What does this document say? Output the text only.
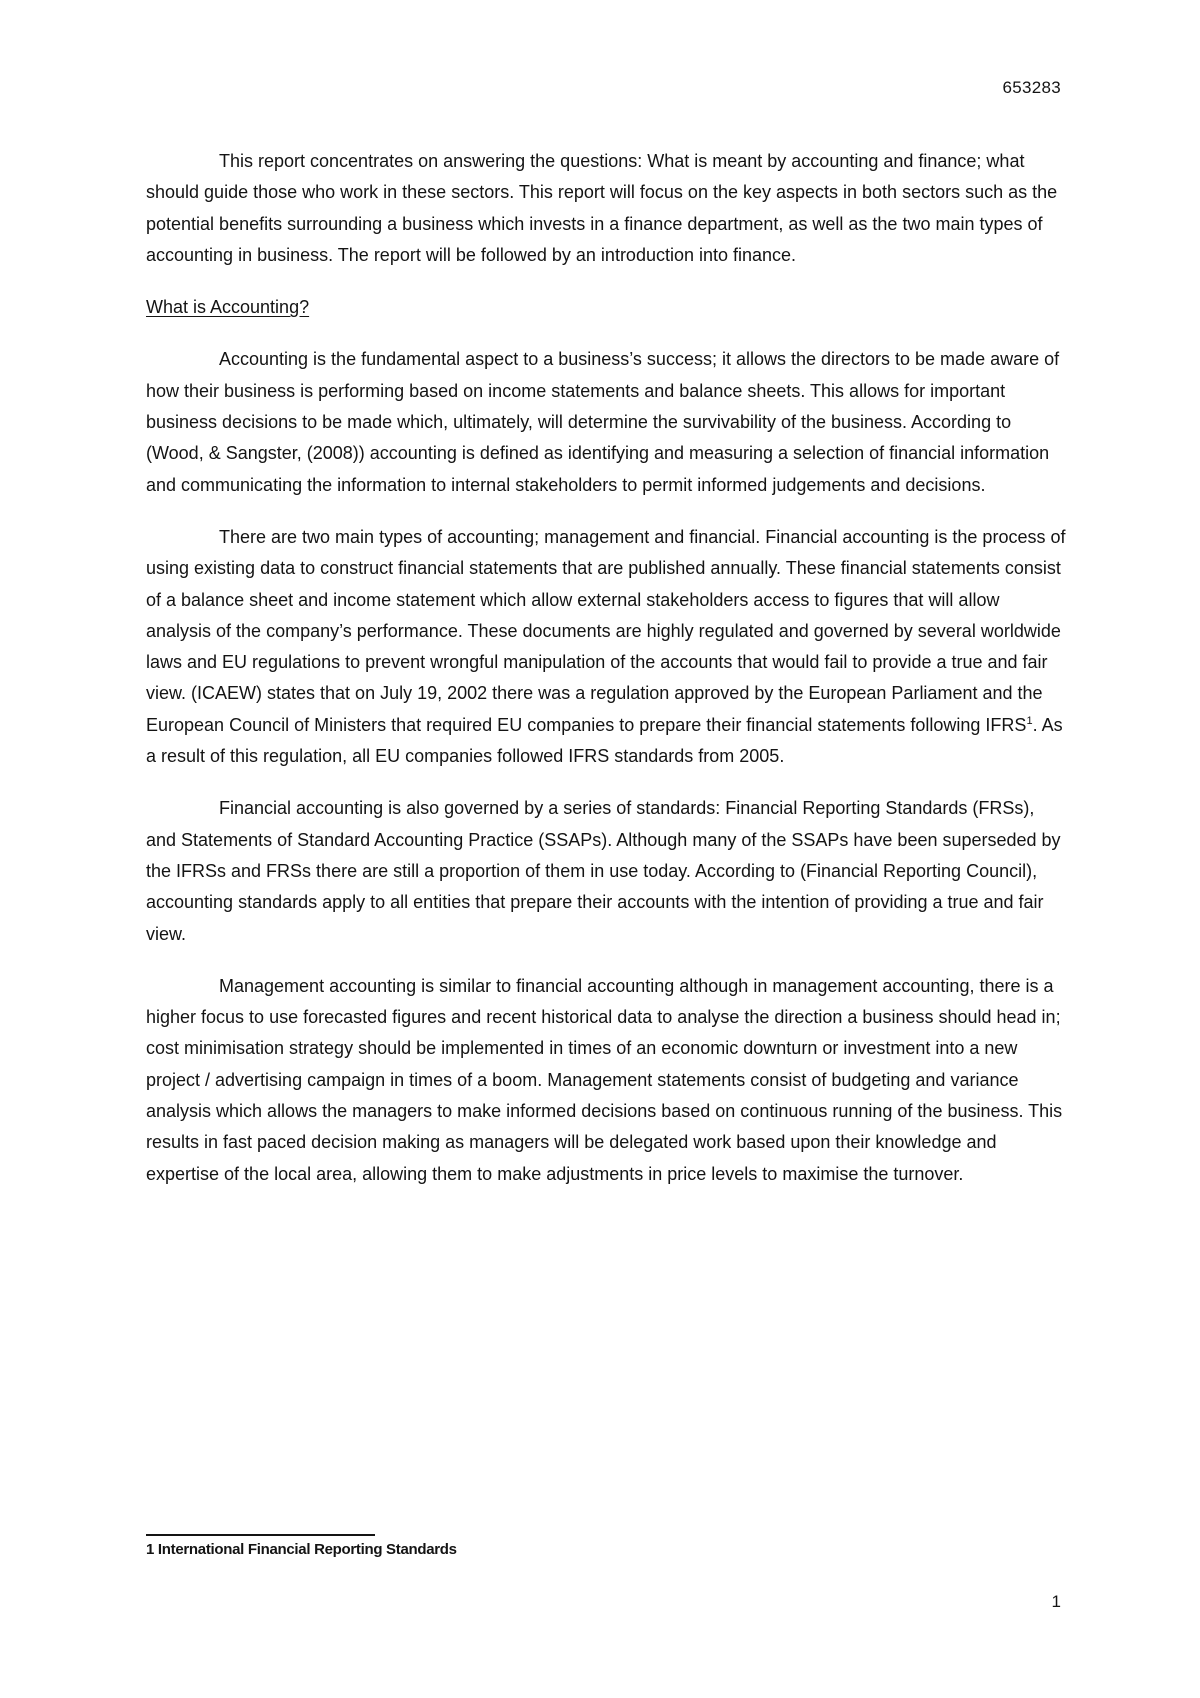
653283

This report concentrates on answering the questions: What is meant by accounting and finance; what should guide those who work in these sectors. This report will focus on the key aspects in both sectors such as the potential benefits surrounding a business which invests in a finance department, as well as the two main types of accounting in business. The report will be followed by an introduction into finance.

What is Accounting?

Accounting is the fundamental aspect to a business’s success; it allows the directors to be made aware of how their business is performing based on income statements and balance sheets. This allows for important business decisions to be made which, ultimately, will determine the survivability of the business. According to (Wood, & Sangster, (2008)) accounting is defined as identifying and measuring a selection of financial information and communicating the information to internal stakeholders to permit informed judgements and decisions.

There are two main types of accounting; management and financial. Financial accounting is the process of using existing data to construct financial statements that are published annually. These financial statements consist of a balance sheet and income statement which allow external stakeholders access to figures that will allow analysis of the company’s performance. These documents are highly regulated and governed by several worldwide laws and EU regulations to prevent wrongful manipulation of the accounts that would fail to provide a true and fair view. (ICAEW) states that on July 19, 2002 there was a regulation approved by the European Parliament and the European Council of Ministers that required EU companies to prepare their financial statements following IFRS$^1$. As a result of this regulation, all EU companies followed IFRS standards from 2005.

Financial accounting is also governed by a series of standards: Financial Reporting Standards (FRSs), and Statements of Standard Accounting Practice (SSAPs). Although many of the SSAPs have been superseded by the IFRSs and FRSs there are still a proportion of them in use today. According to (Financial Reporting Council), accounting standards apply to all entities that prepare their accounts with the intention of providing a true and fair view.

Management accounting is similar to financial accounting although in management accounting, there is a higher focus to use forecasted figures and recent historical data to analyse the direction a business should head in; cost minimisation strategy should be implemented in times of an economic downturn or investment into a new project / advertising campaign in times of a boom. Management statements consist of budgeting and variance analysis which allows the managers to make informed decisions based on continuous running of the business. This results in fast paced decision making as managers will be delegated work based upon their knowledge and expertise of the local area, allowing them to make adjustments in price levels to maximise the turnover.

1 International Financial Reporting Standards
1
